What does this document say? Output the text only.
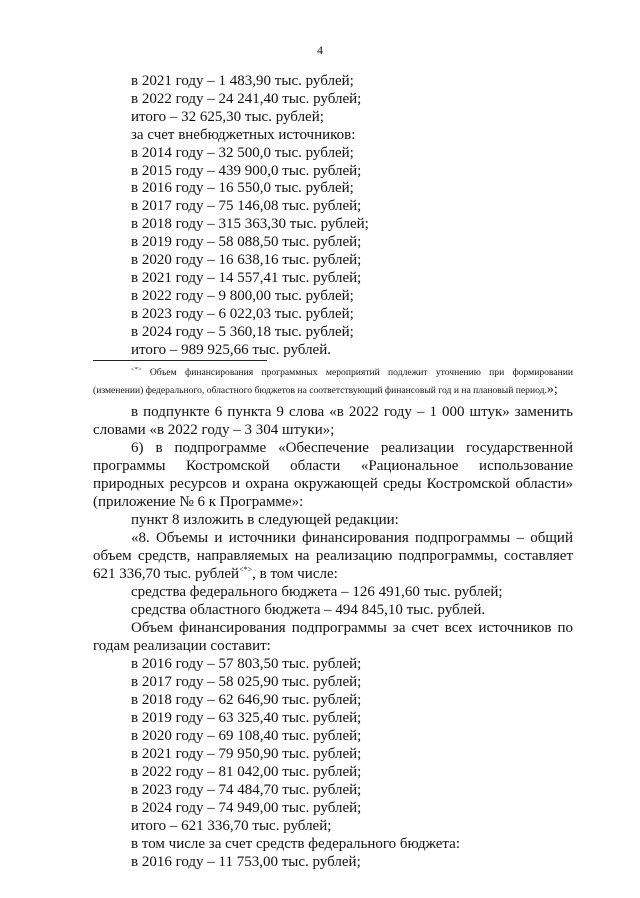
4
в 2021 году – 1 483,90 тыс. рублей;
в 2022 году – 24 241,40 тыс. рублей;
итого – 32 625,30 тыс. рублей;
за счет внебюджетных источников:
в 2014 году – 32 500,0 тыс. рублей;
в 2015 году – 439 900,0 тыс. рублей;
в 2016 году – 16 550,0 тыс. рублей;
в 2017 году – 75 146,08 тыс. рублей;
в 2018 году – 315 363,30 тыс. рублей;
в 2019 году – 58 088,50 тыс. рублей;
в 2020 году – 16 638,16 тыс. рублей;
в 2021 году – 14 557,41 тыс. рублей;
в 2022 году – 9 800,00 тыс. рублей;
в 2023 году – 6 022,03 тыс. рублей;
в 2024 году – 5 360,18 тыс. рублей;
итого – 989 925,66 тыс. рублей.
<*> Объем финансирования программных мероприятий подлежит уточнению при формировании
(изменении) федерального, областного бюджетов на соответствующий финансовый год и на плановый период.»;
в подпункте 6 пункта 9 слова «в 2022 году – 1 000 штук» заменить словами «в 2022 году – 3 304 штуки»;
6) в подпрограмме «Обеспечение реализации государственной программы Костромской области «Рациональное использование природных ресурсов и охрана окружающей среды Костромской области» (приложение № 6 к Программе»:
пункт 8 изложить в следующей редакции:
«8. Объемы и источники финансирования подпрограммы – общий объем средств, направляемых на реализацию подпрограммы, составляет 621 336,70 тыс. рублей<*>, в том числе:
средства федерального бюджета – 126 491,60 тыс. рублей;
средства областного бюджета – 494 845,10 тыс. рублей.
Объем финансирования подпрограммы за счет всех источников по годам реализации составит:
в 2016 году – 57 803,50 тыс. рублей;
в 2017 году – 58 025,90 тыс. рублей;
в 2018 году – 62 646,90 тыс. рублей;
в 2019 году – 63 325,40 тыс. рублей;
в 2020 году – 69 108,40 тыс. рублей;
в 2021 году – 79 950,90 тыс. рублей;
в 2022 году – 81 042,00 тыс. рублей;
в 2023 году – 74 484,70 тыс. рублей;
в 2024 году – 74 949,00 тыс. рублей;
итого – 621 336,70 тыс. рублей;
в том числе за счет средств федерального бюджета:
в 2016 году – 11 753,00 тыс. рублей;
